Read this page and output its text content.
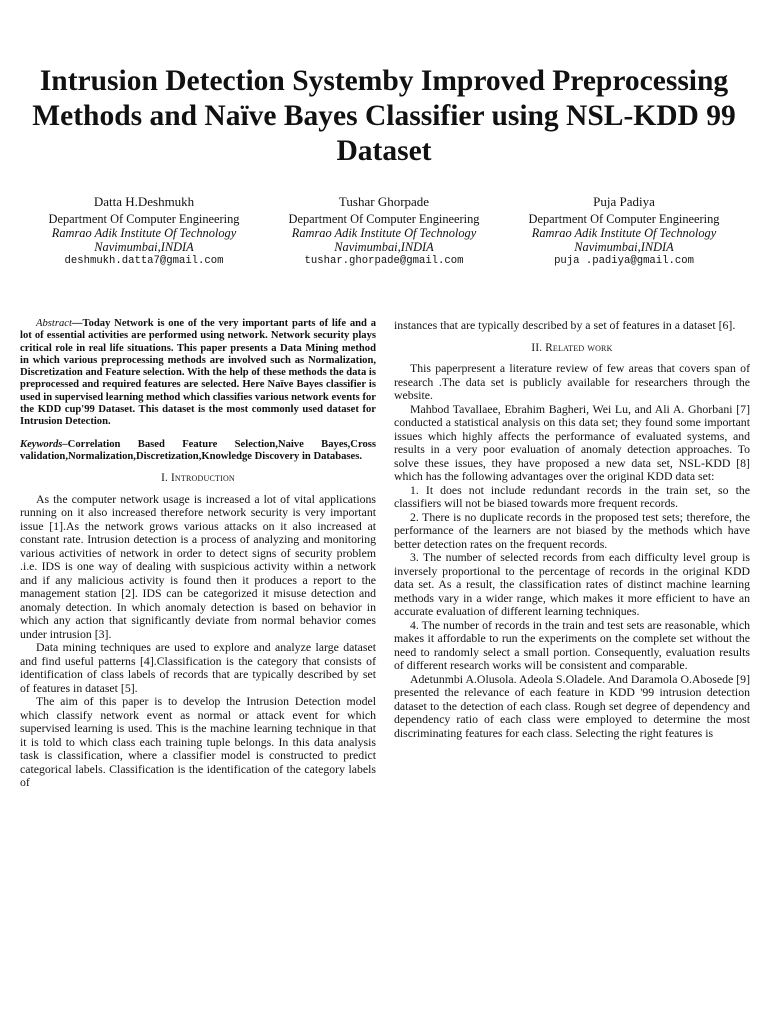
Intrusion Detection Systemby Improved Preprocessing Methods and Naïve Bayes Classifier using NSL-KDD 99 Dataset
Datta H.Deshmukh
Department Of Computer Engineering
Ramrao Adik Institute Of Technology
Navimumbai,INDIA
deshmukh.datta7@gmail.com
Tushar Ghorpade
Department Of Computer Engineering
Ramrao Adik Institute Of Technology
Navimumbai,INDIA
tushar.ghorpade@gmail.com
Puja Padiya
Department Of Computer Engineering
Ramrao Adik Institute Of Technology
Navimumbai,INDIA
puja .padiya@gmail.com

Abstract—Today Network is one of the very important parts of life and a lot of essential activities are performed using network. Network security plays critical role in real life situations. This paper presents a Data Mining method in which various preprocessing methods are involved such as Normalization, Discretization and Feature selection. With the help of these methods the data is preprocessed and required features are selected. Here Naïve Bayes classifier is used in supervised learning method which classifies various network events for the KDD cup'99 Dataset. This dataset is the most commonly used dataset for Intrusion Detection.

Keywords–Correlation Based Feature Selection,Naive Bayes,Cross validation,Normalization,Discretization,Knowledge Discovery in Databases.

I. Introduction

As the computer network usage is increased a lot of vital applications running on it also increased therefore network security is very important issue [1].As the network grows various attacks on it also increased at constant rate. Intrusion detection is a process of analyzing and monitoring various activities of network in order to detect signs of security problem .i.e. IDS is one way of dealing with suspicious activity within a network and if any malicious activity is found then it produces a report to the management station [2]. IDS can be categorized it misuse detection and anomaly detection. In which anomaly detection is based on behavior in which any action that significantly deviate from normal behavior comes under intrusion [3].

Data mining techniques are used to explore and analyze large dataset and find useful patterns [4].Classification is the category that consists of identification of class labels of records that are typically described by set of features in dataset [5].

The aim of this paper is to develop the Intrusion Detection model which classify network event as normal or attack event for which supervised learning is used. This is the machine learning technique in that it is told to which class each training tuple belongs. In this data analysis task is classification, where a classifier model is constructed to predict categorical labels. Classification is the identification of the category labels of

instances that are typically described by a set of features in a dataset [6].

II. Related work

This paperpresent a literature review of few areas that covers span of research .The data set is publicly available for researchers through the website.

Mahbod Tavallaee, Ebrahim Bagheri, Wei Lu, and Ali A. Ghorbani [7] conducted a statistical analysis on this data set; they found some important issues which highly affects the performance of evaluated systems, and results in a very poor evaluation of anomaly detection approaches. To solve these issues, they have proposed a new data set, NSL-KDD [8] which has the following advantages over the original KDD data set:

1. It does not include redundant records in the train set, so the classifiers will not be biased towards more frequent records.

2. There is no duplicate records in the proposed test sets; therefore, the performance of the learners are not biased by the methods which have better detection rates on the frequent records.

3. The number of selected records from each difficulty level group is inversely proportional to the percentage of records in the original KDD data set. As a result, the classification rates of distinct machine learning methods vary in a wider range, which makes it more efficient to have an accurate evaluation of different learning techniques.

4. The number of records in the train and test sets are reasonable, which makes it affordable to run the experiments on the complete set without the need to randomly select a small portion. Consequently, evaluation results of different research works will be consistent and comparable.

Adetunmbi A.Olusola. Adeola S.Oladele. And Daramola O.Abosede [9] presented the relevance of each feature in KDD '99 intrusion detection dataset to the detection of each class. Rough set degree of dependency and dependency ratio of each class were employed to determine the most discriminating features for each class. Selecting the right features is
